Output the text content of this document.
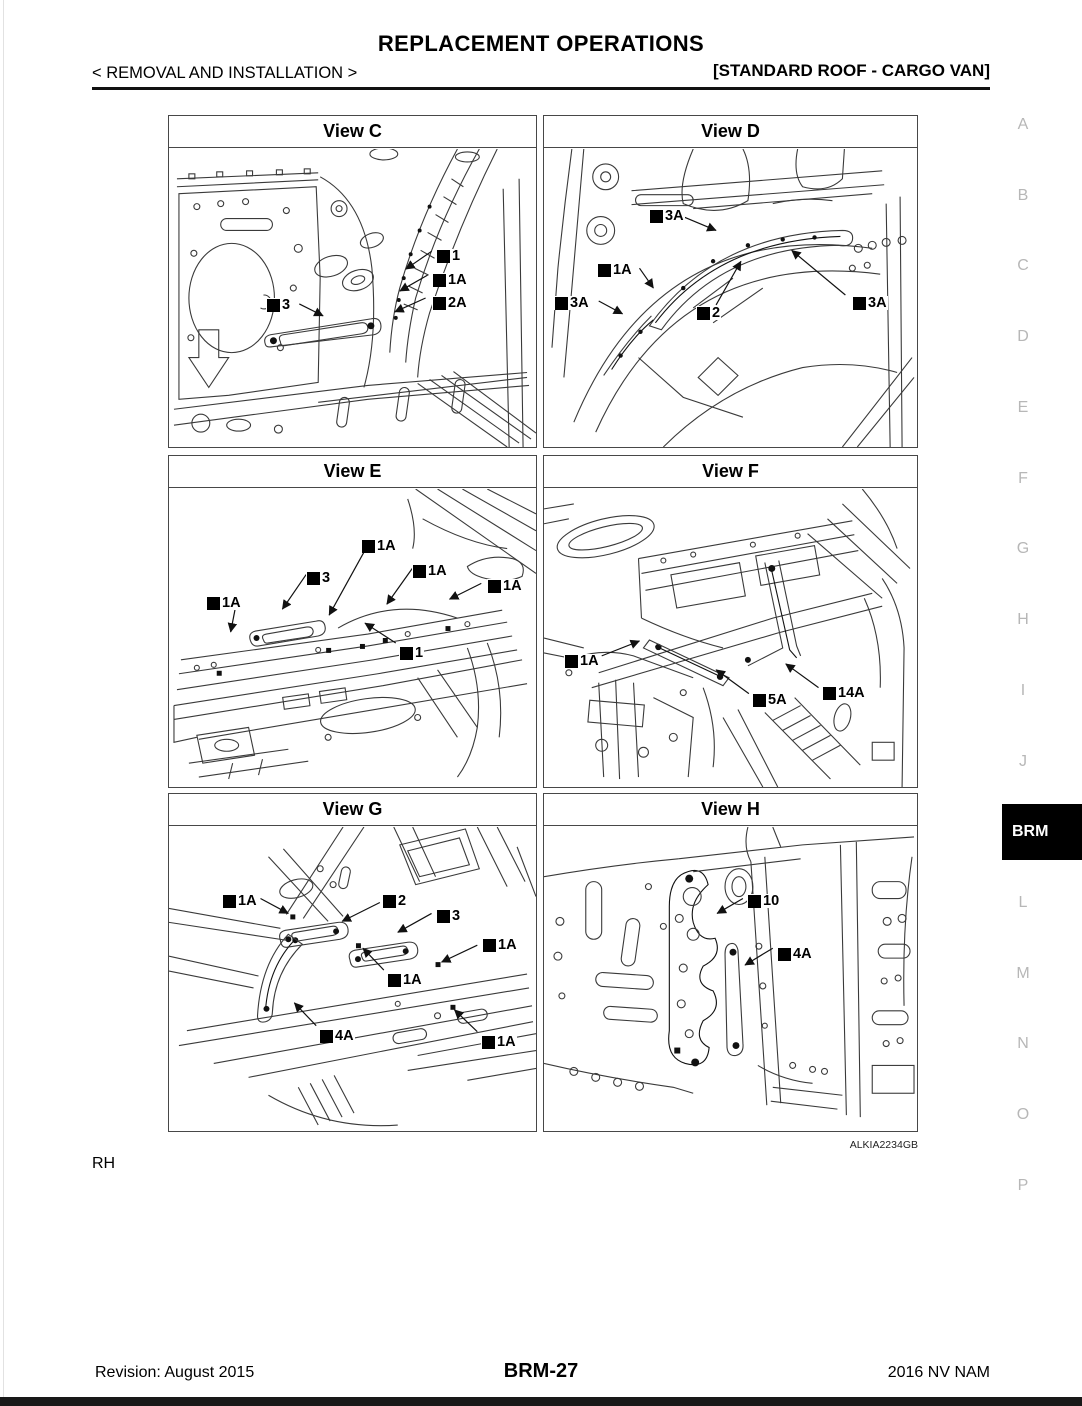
REPLACEMENT OPERATIONS
< REMOVAL AND INSTALLATION >	[STANDARD ROOF - CARGO VAN]
View C
1
1A
2A
3
View D
3A
1A
3A
2
3A
View E
1A
1A
1A
3
1A
1
View F
1A
5A	14A
View G
1A	2
3
1A
1A
4A	1A
View H
10
4A
ALKIA2234GB
RH
A
B
C
D
E
F
G
H
I
J
BRM
L
M
N
O
P
Revision: August 2015	BRM-27	2016 NV NAM
